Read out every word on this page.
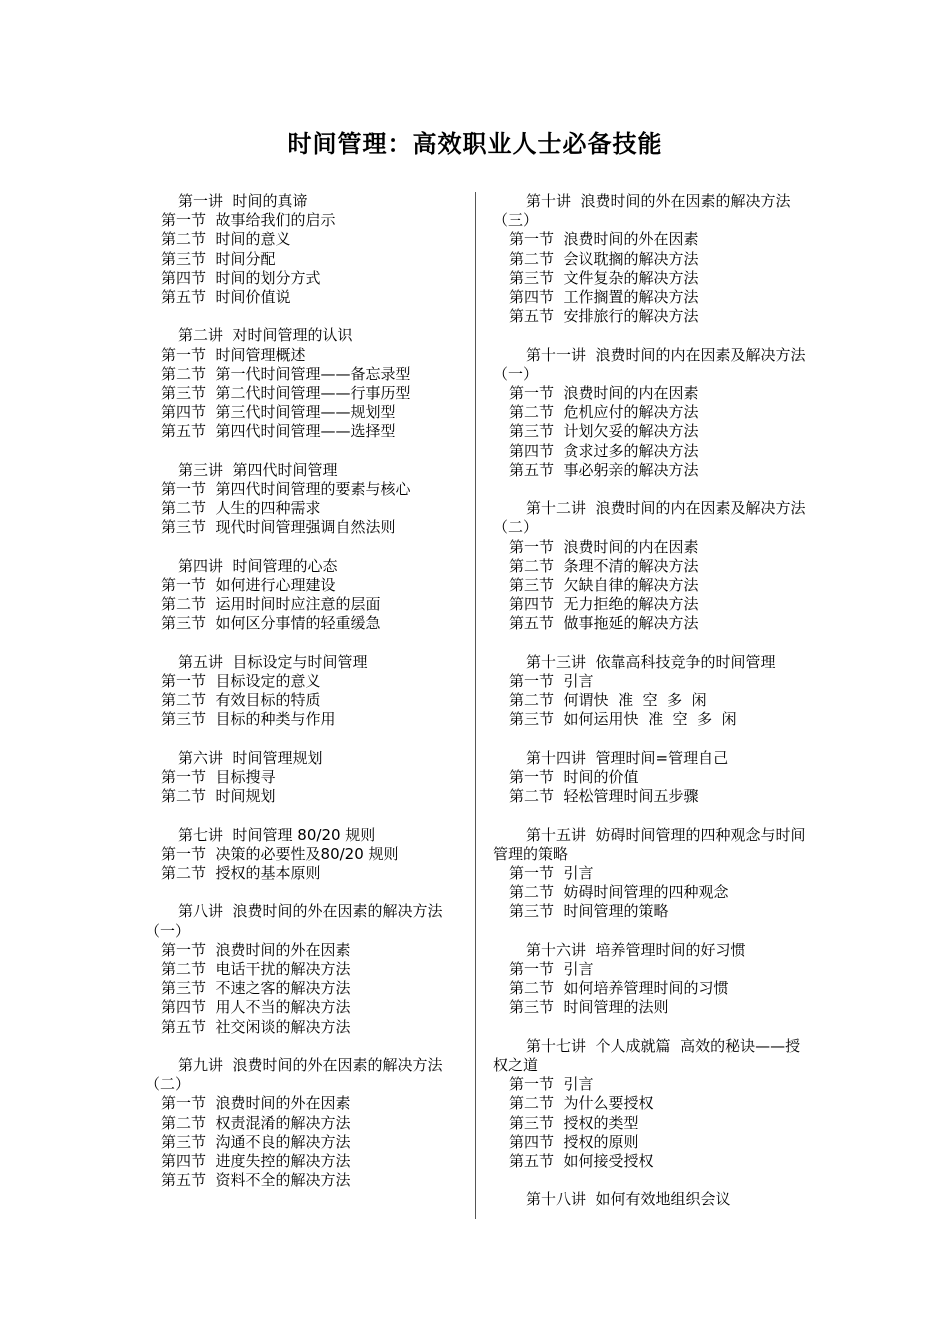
时间管理：高效职业人士必备技能
第一讲  时间的真谛
第一节  故事给我们的启示
第二节  时间的意义
第三节  时间分配
第四节  时间的划分方式
第五节  时间价值说
第二讲  对时间管理的认识
第一节  时间管理概述
第二节  第一代时间管理——备忘录型
第三节  第二代时间管理——行事历型
第四节  第三代时间管理——规划型
第五节  第四代时间管理——选择型
第三讲  第四代时间管理
第一节  第四代时间管理的要素与核心
第二节  人生的四种需求
第三节  现代时间管理强调自然法则
第四讲  时间管理的心态
第一节  如何进行心理建设
第二节  运用时间时应注意的层面
第三节  如何区分事情的轻重缓急
第五讲  目标设定与时间管理
第一节  目标设定的意义
第二节  有效目标的特质
第三节  目标的种类与作用
第六讲  时间管理规划
第一节  目标搜寻
第二节  时间规划
第七讲  时间管理 80/20 规则
第一节  决策的必要性及80/20 规则
第二节  授权的基本原则
第八讲  浪费时间的外在因素的解决方法（一）
第一节  浪费时间的外在因素
第二节  电话干扰的解决方法
第三节  不速之客的解决方法
第四节  用人不当的解决方法
第五节  社交闲谈的解决方法
第九讲  浪费时间的外在因素的解决方法（二）
第一节  浪费时间的外在因素
第二节  权责混淆的解决方法
第三节  沟通不良的解决方法
第四节  进度失控的解决方法
第五节  资料不全的解决方法
第十讲  浪费时间的外在因素的解决方法（三）
第一节  浪费时间的外在因素
第二节  会议耽搁的解决方法
第三节  文件复杂的解决方法
第四节  工作搁置的解决方法
第五节  安排旅行的解决方法
第十一讲  浪费时间的内在因素及解决方法（一）
第一节  浪费时间的内在因素
第二节  危机应付的解决方法
第三节  计划欠妥的解决方法
第四节  贪求过多的解决方法
第五节  事必躬亲的解决方法
第十二讲  浪费时间的内在因素及解决方法（二）
第一节  浪费时间的内在因素
第二节  条理不清的解决方法
第三节  欠缺自律的解决方法
第四节  无力拒绝的解决方法
第五节  做事拖延的解决方法
第十三讲  依靠高科技竞争的时间管理
第一节  引言
第二节  何谓快  准  空  多  闲
第三节  如何运用快  准  空  多  闲
第十四讲  管理时间=管理自己
第一节  时间的价值
第二节  轻松管理时间五步骤
第十五讲  妨碍时间管理的四种观念与时间管理的策略
第一节  引言
第二节  妨碍时间管理的四种观念
第三节  时间管理的策略
第十六讲  培养管理时间的好习惯
第一节  引言
第二节  如何培养管理时间的习惯
第三节  时间管理的法则
第十七讲  个人成就篇  高效的秘诀——授权之道
第一节  引言
第二节  为什么要授权
第三节  授权的类型
第四节  授权的原则
第五节  如何接受授权
第十八讲  如何有效地组织会议
